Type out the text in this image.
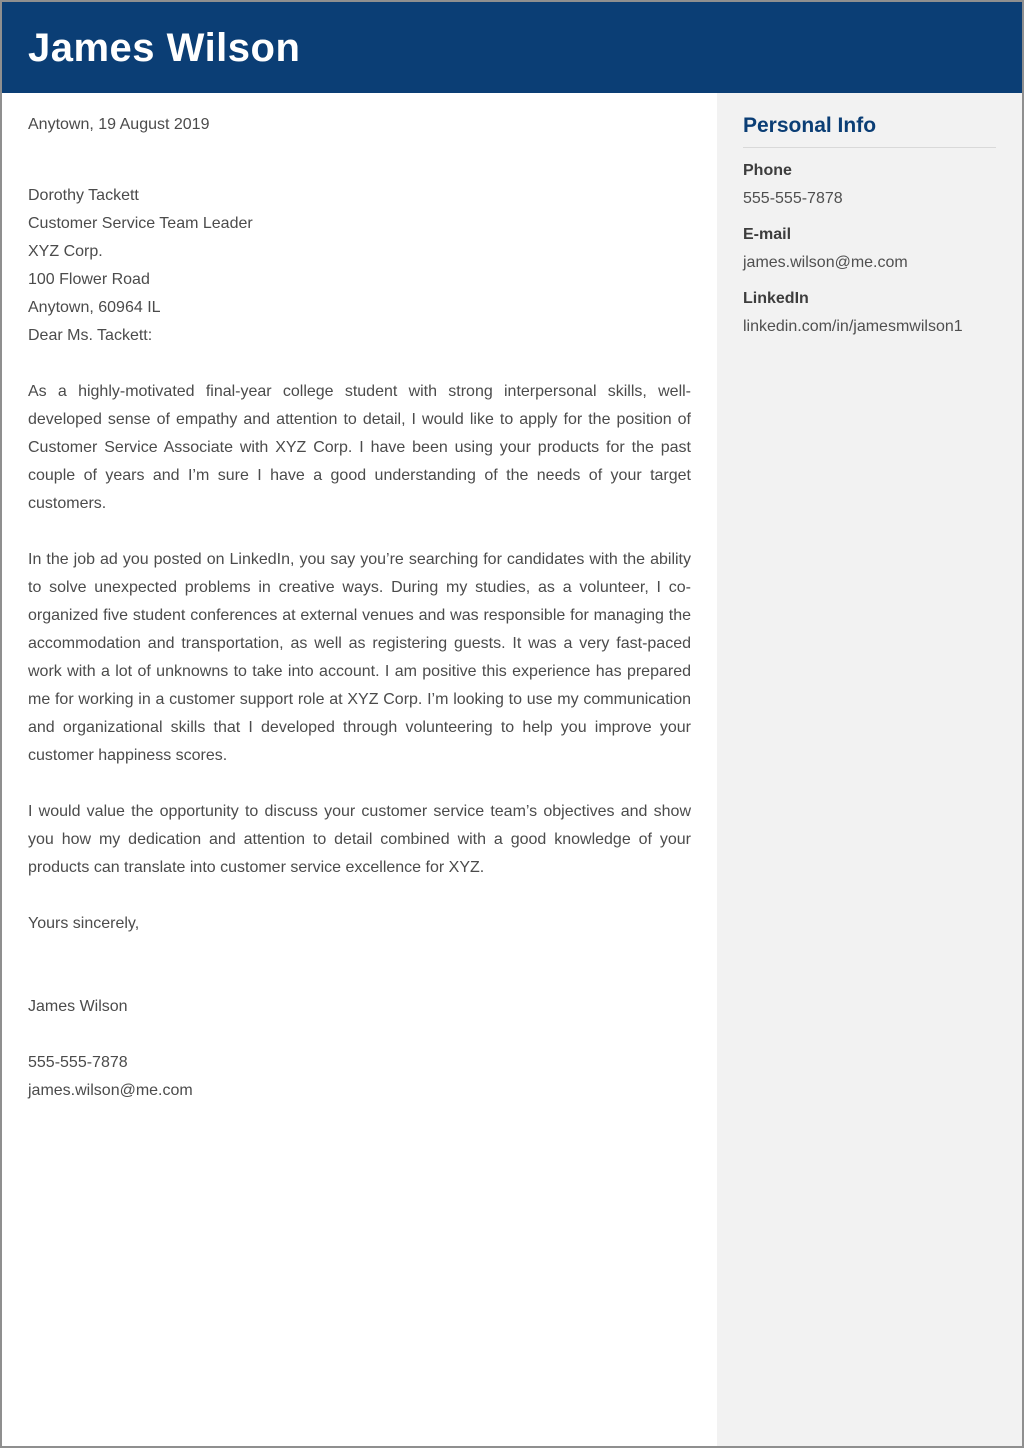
James Wilson

Anytown, 19 August 2019

Dorothy Tackett

Customer Service Team Leader

XYZ Corp.

100 Flower Road

Anytown, 60964 IL

Dear Ms. Tackett:

As a highly-motivated final-year college student with strong interpersonal skills, well-developed sense of empathy and attention to detail, I would like to apply for the position of Customer Service Associate with XYZ Corp. I have been using your products for the past couple of years and I’m sure I have a good understanding of the needs of your target customers.

In the job ad you posted on LinkedIn, you say you’re searching for candidates with the ability to solve unexpected problems in creative ways. During my studies, as a volunteer, I co-organized five student conferences at external venues and was responsible for managing the accommodation and transportation, as well as registering guests. It was a very fast-paced work with a lot of unknowns to take into account. I am positive this experience has prepared me for working in a customer support role at XYZ Corp. I’m looking to use my communication and organizational skills that I developed through volunteering to help you improve your customer happiness scores.

I would value the opportunity to discuss your customer service team’s objectives and show you how my dedication and attention to detail combined with a good knowledge of your products can translate into customer service excellence for XYZ.

Yours sincerely,

James Wilson

555-555-7878

james.wilson@me.com

Personal Info
Phone
555-555-7878
E-mail
james.wilson@me.com
LinkedIn
linkedin.com/in/jamesmwilson1
